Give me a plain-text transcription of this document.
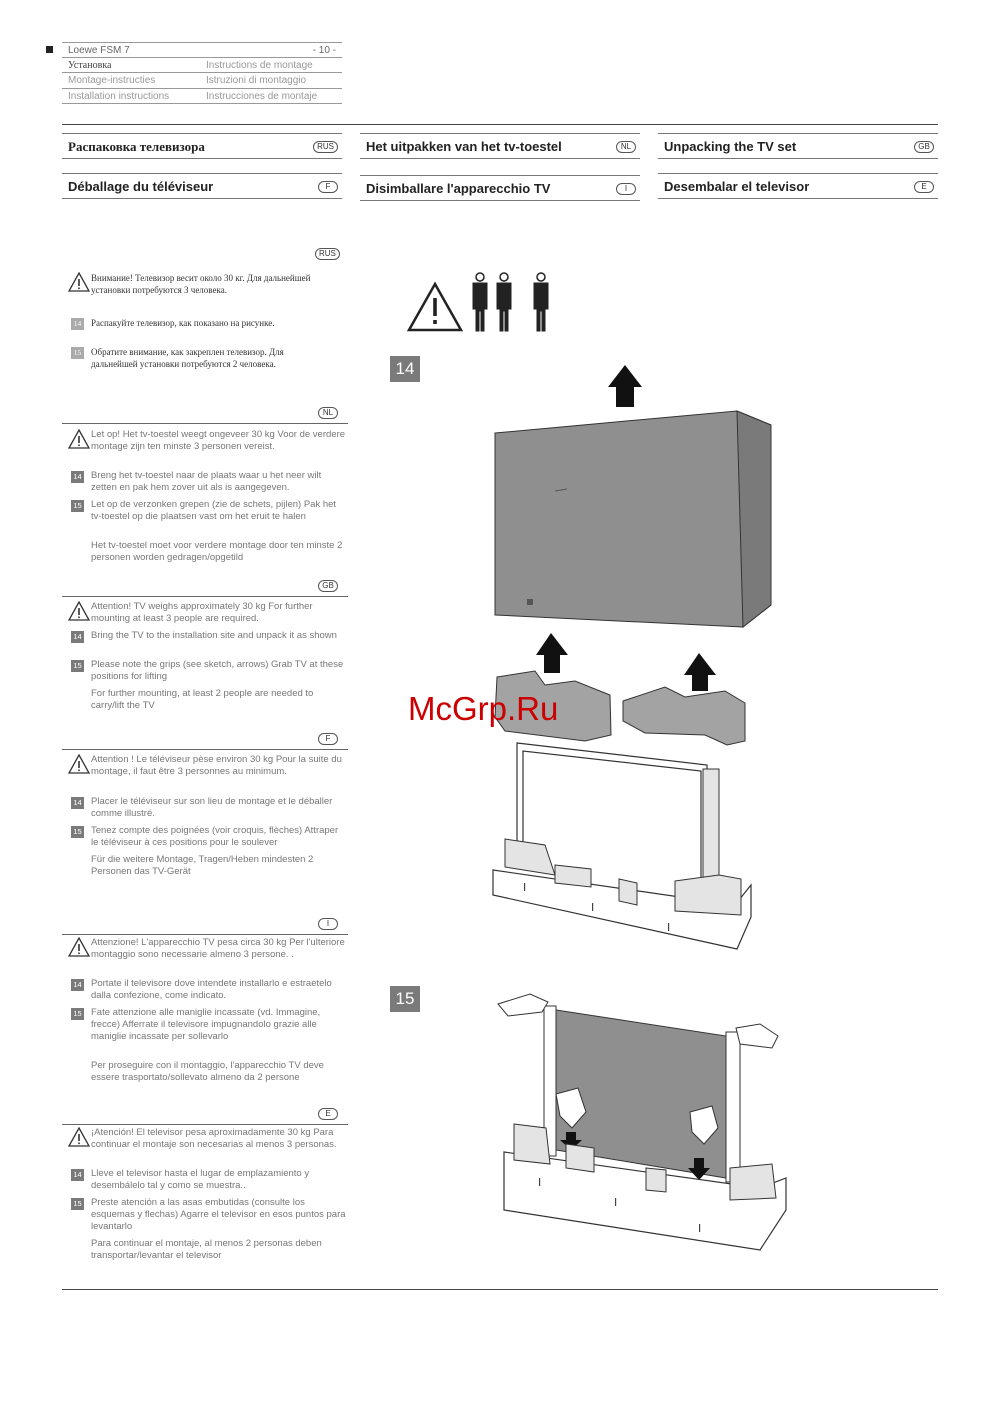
Loewe FSM 7	- 10 -
Установка	Instructions de montage
Montage-instructies	Istruzioni di montaggio
Installation instructions	Instrucciones de montaje
Распаковка телевизора	RUS	Het uitpakken van het tv-toestel	NL	Unpacking the TV set	GB
Déballage du téléviseur	F	Disimballare l'apparecchio TV	I	Desembalar el televisor	E
RUS
Внимание! Телевизор весит около 30 кг. Для дальнейшей установки потребуются 3 человека.
14	Распакуйте телевизор, как показано на рисунке.
15	Обратите внимание, как закреплен телевизор. Для дальнейшей установки потребуются 2 человека.
NL
Let op! Het tv-toestel weegt ongeveer 30 kg Voor de verdere montage zijn ten minste 3 personen vereist.
14 Breng het tv-toestel naar de plaats waar u het neer wilt zetten en pak hem zover uit als is aangegeven.
15 Let op de verzonken grepen (zie de schets, pijlen) Pak het tv-toestel op die plaatsen vast om het eruit te halen
Het tv-toestel moet voor verdere montage door ten minste 2 personen worden gedragen/opgetild
GB
Attention! TV weighs approximately 30 kg For further mounting at least 3 people are required.
14 Bring the TV to the installation site and unpack it as shown
15 Please note the grips (see sketch, arrows) Grab TV at these positions for lifting
For further mounting, at least 2 people are needed to carry/lift the TV
F
Attention ! Le téléviseur pèse environ 30 kg Pour la suite du montage, il faut être 3 personnes au minimum.
14 Placer le téléviseur sur son lieu de montage et le déballer comme illustré.
15 Tenez compte des poignées (voir croquis, flèches) Attraper le téléviseur à ces positions pour le soulever
Für die weitere Montage, Tragen/Heben mindesten 2 Personen das TV-Gerät
I
Attenzione! L'apparecchio TV pesa circa 30 kg Per l'ulteriore montaggio sono necessarie almeno 3 persone. .
14 Portate il televisore dove intendete installarlo e estraetelo dalla confezione, come indicato.
15 Fate attenzione alle maniglie incassate (vd. Immagine, frecce) Afferrate il televisore impugnandolo grazie alle maniglie incassate per sollevarlo
Per proseguire con il montaggio, l'apparecchio TV deve essere trasportato/sollevato almeno da 2 persone
E
¡Atención! El televisor pesa aproximadamente 30 kg Para continuar el montaje son necesarias al menos 3 personas.
14 Lleve el televisor hasta el lugar de emplazamiento y desembálelo tal y como se muestra..
15 Preste atención a las asas embutidas (consulte los esquemas y flechas) Agarre el televisor en esos puntos para levantarlo
Para continuar el montaje, al menos 2 personas deben transportar/levantar el televisor
14
I
I
I
15
I
I
I
McGrp.Ru
